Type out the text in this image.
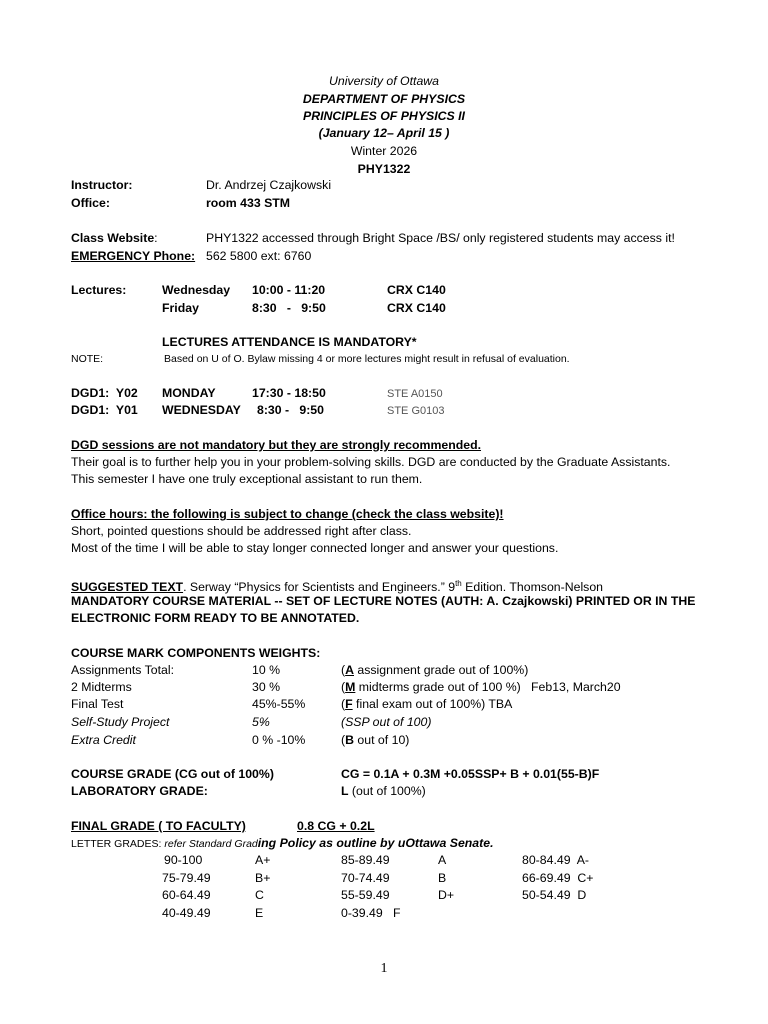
University of Ottawa
DEPARTMENT OF PHYSICS
PRINCIPLES OF PHYSICS II
(January 12– April 15 )
Winter 2026
PHY1322
Instructor:	Dr. Andrzej Czajkowski
Office:	room 433 STM
Class Website:	PHY1322 accessed through Bright Space /BS/ only registered students may access it!
EMERGENCY Phone: 562 5800 ext: 6760
Lectures:	Wednesday 10:00 - 11:20	CRX C140
Friday	8:30   -   9:50	CRX C140
LECTURES ATTENDANCE IS MANDATORY*
NOTE:	Based on U of O. Bylaw missing 4 or more lectures might result in refusal of evaluation.
DGD1:  Y02 MONDAY	17:30 - 18:50	STE A0150
DGD1:  Y01 WEDNESDAY 8:30 -   9:50	STE G0103
DGD sessions are not mandatory but they are strongly recommended.
Their goal is to further help you in your problem-solving skills. DGD are conducted by the Graduate Assistants.
This semester I have one truly exceptional assistant to run them.
Office hours: the following is subject to change (check the class website)!
Short, pointed questions should be addressed right after class.
Most of the time I will be able to stay longer connected longer and answer your questions.
SUGGESTED TEXT. Serway “Physics for Scientists and Engineers.” 9th Edition. Thomson-Nelson
MANDATORY COURSE MATERIAL -- SET OF LECTURE NOTES (AUTH: A. Czajkowski) PRINTED OR IN THE
ELECTRONIC FORM READY TO BE ANNOTATED.
COURSE MARK COMPONENTS WEIGHTS:
Assignments Total:	10 %	(A assignment grade out of 100%)
2 Midterms	30 %	(M midterms grade out of 100 %)   Feb13, March20
Final Test	45%-55%	(F final exam out of 100%) TBA
Self-Study Project	5%	(SSP out of 100)
Extra Credit	0 % -10%	(B out of 10)
COURSE GRADE (CG out of 100%)	CG = 0.1A + 0.3M +0.05SSP+ B + 0.01(55-B)F
LABORATORY GRADE:	L (out of 100%)
FINAL GRADE ( TO FACULTY)	0.8 CG + 0.2L
LETTER GRADES: refer Standard Grading Policy as outline by uOttawa Senate.
90-100	A+	85-89.49	A	80-84.49  A-
75-79.49	B+	70-74.49	B	66-69.49  C+
60-64.49	C	55-59.49	D+	50-54.49  D
40-49.49	E	0-39.49   F
1
